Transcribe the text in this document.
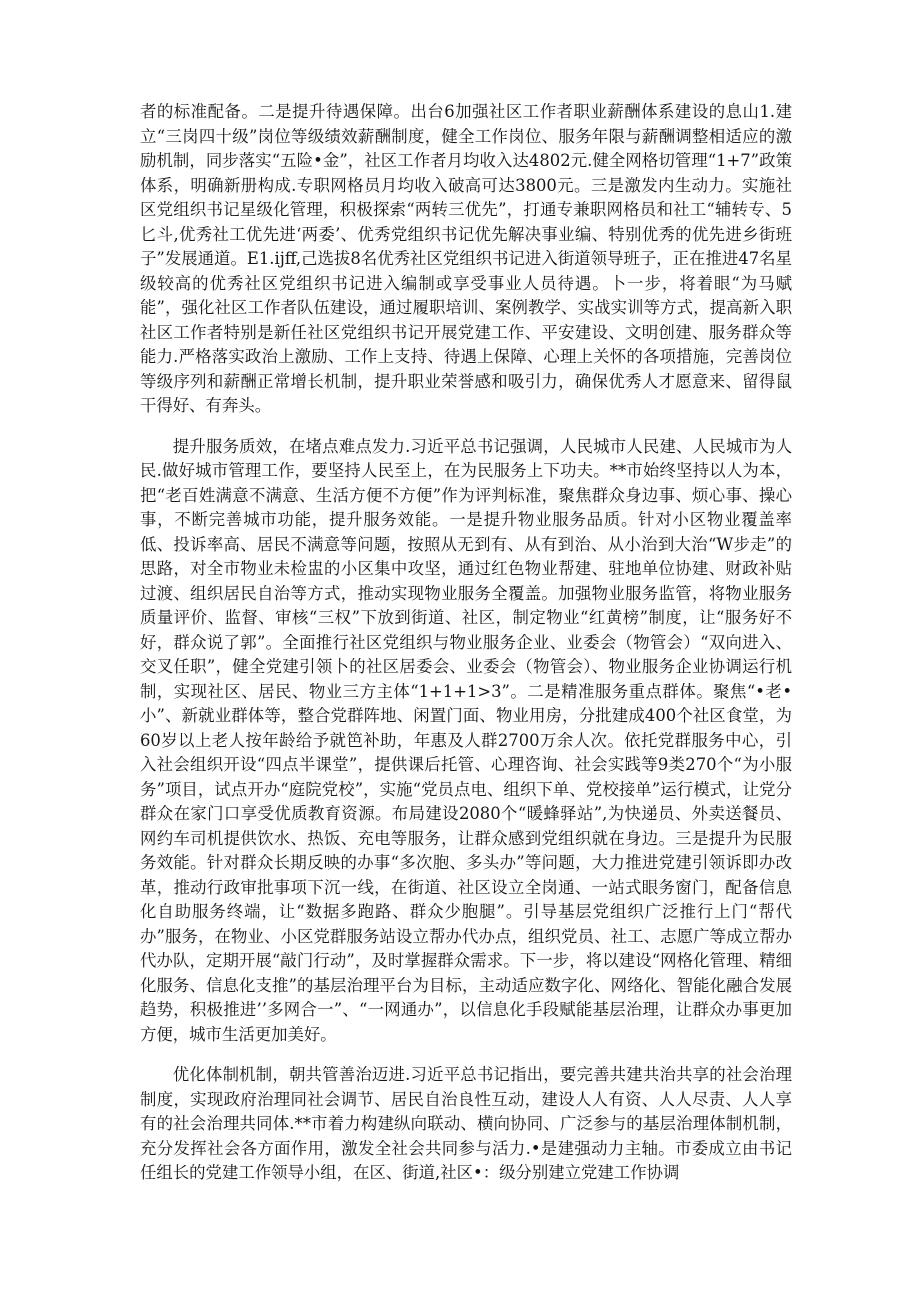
者的标准配备。二是提升待遇保障。出台6加强社区工作者职业薪酬体系建设的息山1.建立“三岗四十级”岗位等级绩效薪酬制度，健全工作岗位、服务年限与薪酬调整相适应的激励机制，同步落实“五险•金”，社区工作者月均收入达4802元.健全网格切管理“1+7”政策体系，明确新册构成.专职网格员月均收入破高可达3800元。三是激发内生动力。实施社区党组织书记星级化管理，积极探索“两转三优先”，打通专兼职网格员和社工“辅转专、5匕斗,优秀社工优先进‘两委’、优秀党组织书记优先解决事业编、特别优秀的优先进乡街班子”发展通道。E1.ijff,己选拔8名优秀社区党组织书记进入街道领导班子，正在推进47名星级较高的优秀社区党组织书记进入编制或享受事业人员待遇。卜一步，将着眼“为马赋能”，强化社区工作者队伍建设，通过履职培训、案例教学、实战实训等方式，提高新入职社区工作者特别是新任社区党组织书记开展党建工作、平安建设、文明创建、服务群众等能力.严格落实政治上激励、工作上支持、待遇上保障、心理上关怀的各项措施，完善岗位等级序列和薪酬正常增长机制，提升职业荣誉感和吸引力，确保优秀人才愿意来、留得鼠干得好、有奔头。

提升服务质效，在堵点难点发力.习近平总书记强调，人民城市人民建、人民城市为人民.做好城市管理工作，要坚持人民至上，在为民服务上下功夫。**市始终坚持以人为本，把“老百姓满意不满意、生活方便不方便”作为评判标准，聚焦群众身边事、烦心事、操心事，不断完善城市功能，提升服务效能。一是提升物业服务品质。针对小区物业覆盖率低、投诉率高、居民不满意等问题，按照从无到有、从有到治、从小治到大治“W步走”的思路，对全市物业未检盅的小区集中攻坚，通过红色物业帮建、驻地单位协建、财政补贴过渡、组织居民自治等方式，推动实现物业服务全覆盖。加强物业服务监管，将物业服务质量评价、监督、审核“三权”下放到街道、社区，制定物业“红黄榜”制度，让“服务好不好，群众说了郭”。全面推行社区党组织与物业服务企业、业委会（物管会）“双向进入、交叉任职”，健全党建引领卜的社区居委会、业委会（物管会）、物业服务企业协调运行机制，实现社区、居民、物业三方主体“1+1+1>3”。二是精准服务重点群体。聚焦“•老•小”、新就业群体等，整合党群阵地、闲置门面、物业用房，分批建成400个社区食堂，为60岁以上老人按年龄给予就笆补助，年惠及人群2700万余人次。依托党群服务中心，引入社会组织开设“四点半课堂”，提供课后托管、心理咨询、社会实践等9类270个“为小服务”项目，试点开办“庭院党校”，实施“党员点电、组织下单、党校接单”运行模式，让党分群众在家门口享受优质教育资源。布局建设2080个“暖蜂驿站”,为快递员、外卖送餐员、网约车司机提供饮水、热饭、充电等服务，让群众感到党组织就在身边。三是提升为民服务效能。针对群众长期反映的办事“多次胞、多头办”等问题，大力推进党建引领诉即办改革，推动行政审批事项下沉一线，在街道、社区设立全岗通、一站式眼务窗门，配备信息化自助服务终端，让“数据多跑路、群众少胞腿”。引导基层党组织广泛推行上门“帮代办”服务，在物业、小区党群服务站设立帮办代办点，组织党员、社工、志愿广等成立帮办代办队，定期开展“敲门行动”，及时掌握群众需求。下一步，将以建设“网格化管理、精细化服务、信息化支推”的基层治理平台为目标，主动适应数字化、网络化、智能化融合发展趋势，积极推进’’多网合一”、“一网通办”，以信息化手段赋能基层治理，让群众办事更加方便，城市生活更加美好。

优化体制机制，朝共管善治迈进.习近平总书记指出，要完善共建共治共享的社会治理制度，实现政府治理同社会调节、居民自治良性互动，建设人人有资、人人尽责、人人享有的社会治理共同体.**市着力构建纵向联动、横向协同、广泛参与的基层治理体制机制，充分发挥社会各方面作用，激发全社会共同参与活力.•是建强动力主轴。市委成立由书记任组长的党建工作领导小组，在区、街道,社区•：级分别建立党建工作协调
